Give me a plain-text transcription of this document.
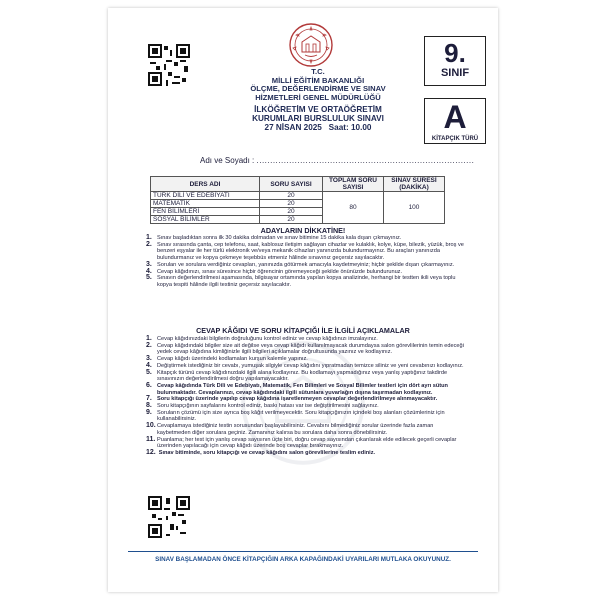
T.C.
MİLLİ EĞİTİM BAKANLIĞI
ÖLÇME, DEĞERLENDİRME VE SINAV
HİZMETLERİ GENEL MÜDÜRLÜĞÜ
İLKÖĞRETİM VE ORTAÖĞRETİM
KURUMLARI BURSLULUK SINAVI
27 NİSAN 2025   Saat: 10.00
9.
SINIF
A
KİTAPÇIK TÜRÜ
Adı ve Soyadı : ................................................................................
DERS ADI	SORU SAYISI	TOPLAM SORU SAYISI	SINAV SÜRESİ (DAKİKA)
TÜRK DİLİ VE EDEBİYATI	20	80	100
MATEMATİK	20		
FEN BİLİMLERİ	20		
SOSYAL BİLİMLER	20		
ADAYLARIN DİKKATİNE!
1. Sınav başladıktan sonra ilk 30 dakika dolmadan ve sınav bitimine 15 dakika kala dışarı çıkmayınız.
2. Sınav sırasında çanta, cep telefonu, saat, kablosuz iletişim sağlayan cihazlar ve kulaklık, kolye, küpe, bilezik, yüzük, broş ve benzeri eşyalar ile her türlü elektronik ve/veya mekanik cihazları yanınızda bulundurmayınız. Bu araçları yanınızda bulundurmanız ve kopya çekmeye teşebbüs etmeniz hâlinde sınavınız geçersiz sayılacaktır.
3. Soruları ve sorulara verdiğiniz cevapları, yanınızda götürmek amacıyla kaydetmeyiniz; hiçbir şekilde dışarı çıkarmayınız.
4. Cevap kâğıdınızı, sınav süresince hiçbir öğrencinin göremeyeceği şekilde önünüzde bulundurunuz.
5. Sınavın değerlendirilmesi aşamasında, bilgisayar ortamında yapılan kopya analizinde, herhangi bir testten ikili veya toplu kopya tespiti hâlinde ilgili testiniz geçersiz sayılacaktır.
CEVAP KÂĞIDI VE SORU KİTAPÇIĞI İLE İLGİLİ AÇIKLAMALAR
1. Cevap kâğıdınızdaki bilgilerin doğruluğunu kontrol ediniz ve cevap kâğıdınızı imzalayınız.
2. Cevap kâğıdındaki bilgiler size ait değilse veya cevap kâğıdı kullanılmayacak durumdaysa salon görevlilerinin temin edeceği yedek cevap kâğıdına kimliğinizle ilgili bilgileri açıklamalar doğrultusunda yazınız ve kodlayınız.
3. Cevap kâğıdı üzerindeki kodlamaları kurşun kalemle yapınız.
4. Değiştirmek istediğiniz bir cevabı, yumuşak silgiyle cevap kâğıdını yıpratmadan temizce siliniz ve yeni cevabınızı kodlayınız.
5. Kitapçık türünü cevap kâğıdınızdaki ilgili alana kodlayınız. Bu kodlamayı yapmadığınız veya yanlış yaptığınız takdirde sınavınızın değerlendirilmesi doğru yapılamayacaktır.
6. Cevap kâğıdında Türk Dili ve Edebiyatı, Matematik, Fen Bilimleri ve Sosyal Bilimler testleri için dört ayrı sütun bulunmaktadır. Cevaplarınızı, cevap kâğıdındaki ilgili sütunlara yuvarlağın dışına taşırmadan kodlayınız.
7. Soru kitapçığı üzerinde yapılıp cevap kâğıdına işaretlenmeyen cevaplar değerlendirilmeye alınmayacaktır.
8. Soru kitapçığının sayfalarını kontrol ediniz, baskı hatası var ise değiştirilmesini sağlayınız.
9. Soruların çözümü için size ayrıca boş kâğıt verilmeyecektir. Soru kitapçığınızın içindeki boş alanları çözümleriniz için kullanabilirsiniz.
10. Cevaplamaya istediğiniz testin sorusundan başlayabilirsiniz. Cevabını bilmediğiniz sorular üzerinde fazla zaman kaybetmeden diğer sorulara geçiniz. Zamanınız kalırsa bu sorulara daha sonra dönebilirsiniz.
11. Puanlama; her test için yanlış cevap sayısının üçte biri, doğru cevap sayısından çıkarılarak elde edilecek geçerli cevaplar üzerinden yapılacağı için cevap kâğıdı üzerinde boş cevaplar bırakmayınız.
12. Sınav bitiminde, soru kitapçığı ve cevap kâğıdını salon görevlilerine teslim ediniz.
SINAV BAŞLAMADAN ÖNCE KİTAPÇIĞIN ARKA KAPAĞINDAKİ UYARILARI MUTLAKA OKUYUNUZ.
